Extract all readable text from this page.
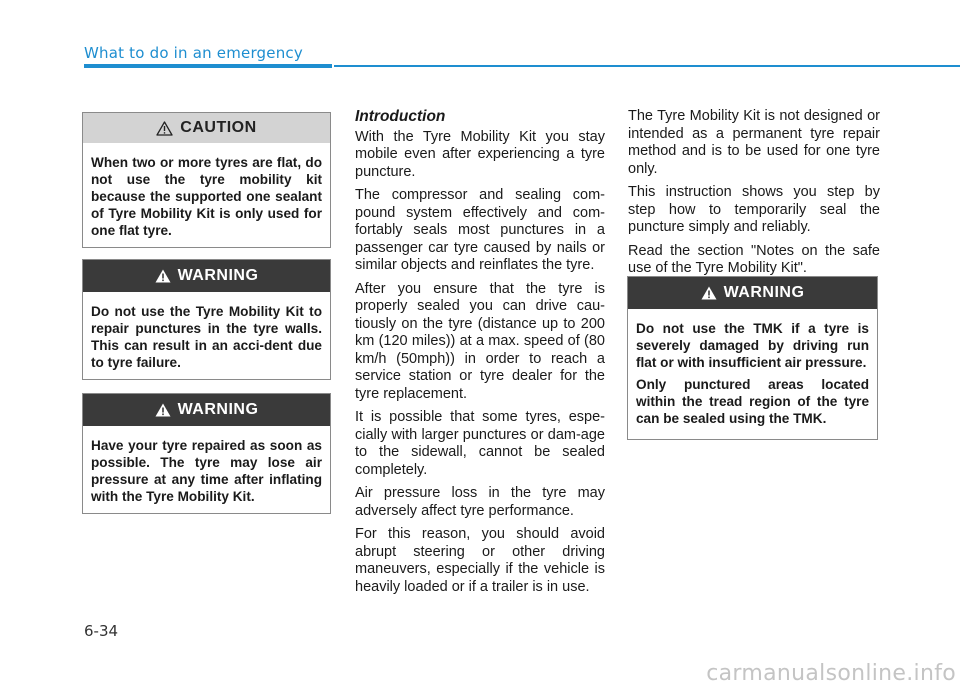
What to do in an emergency
CAUTION
When two or more tyres are flat, do not use the tyre mobility kit because the supported one sealant of Tyre Mobility Kit is only used for one flat tyre.
WARNING
Do not use the Tyre Mobility Kit to repair punctures in the tyre walls. This can result in an acci-dent due to tyre failure.
WARNING
Have your tyre repaired as soon as possible. The tyre may lose air pressure at any time after inflating with the Tyre Mobility Kit.
Introduction

With the Tyre Mobility Kit you stay mobile even after experiencing a tyre puncture.

The compressor and sealing com-pound system effectively and com-fortably seals most punctures in a passenger car tyre caused by nails or similar objects and reinflates the tyre.

After you ensure that the tyre is properly sealed you can drive cau-tiously on the tyre (distance up to 200 km (120 miles)) at a max. speed of (80 km/h (50mph)) in order to reach a service station or tyre dealer for the tyre replacement.

It is possible that some tyres, espe-cially with larger punctures or dam-age to the sidewall, cannot be sealed completely.

Air pressure loss in the tyre may adversely affect tyre performance.

For this reason, you should avoid abrupt steering or other driving maneuvers, especially if the vehicle is heavily loaded or if a trailer is in use.

The Tyre Mobility Kit is not designed or intended as a permanent tyre repair method and is to be used for one tyre only.

This instruction shows you step by step how to temporarily seal the puncture simply and reliably.

Read the section "Notes on the safe use of the Tyre Mobility Kit".

WARNING
Do not use the TMK if a tyre is severely damaged by driving run flat or with insufficient air pressure.
Only punctured areas located within the tread region of the tyre can be sealed using the TMK.
6-34
carmanualsonline.info
